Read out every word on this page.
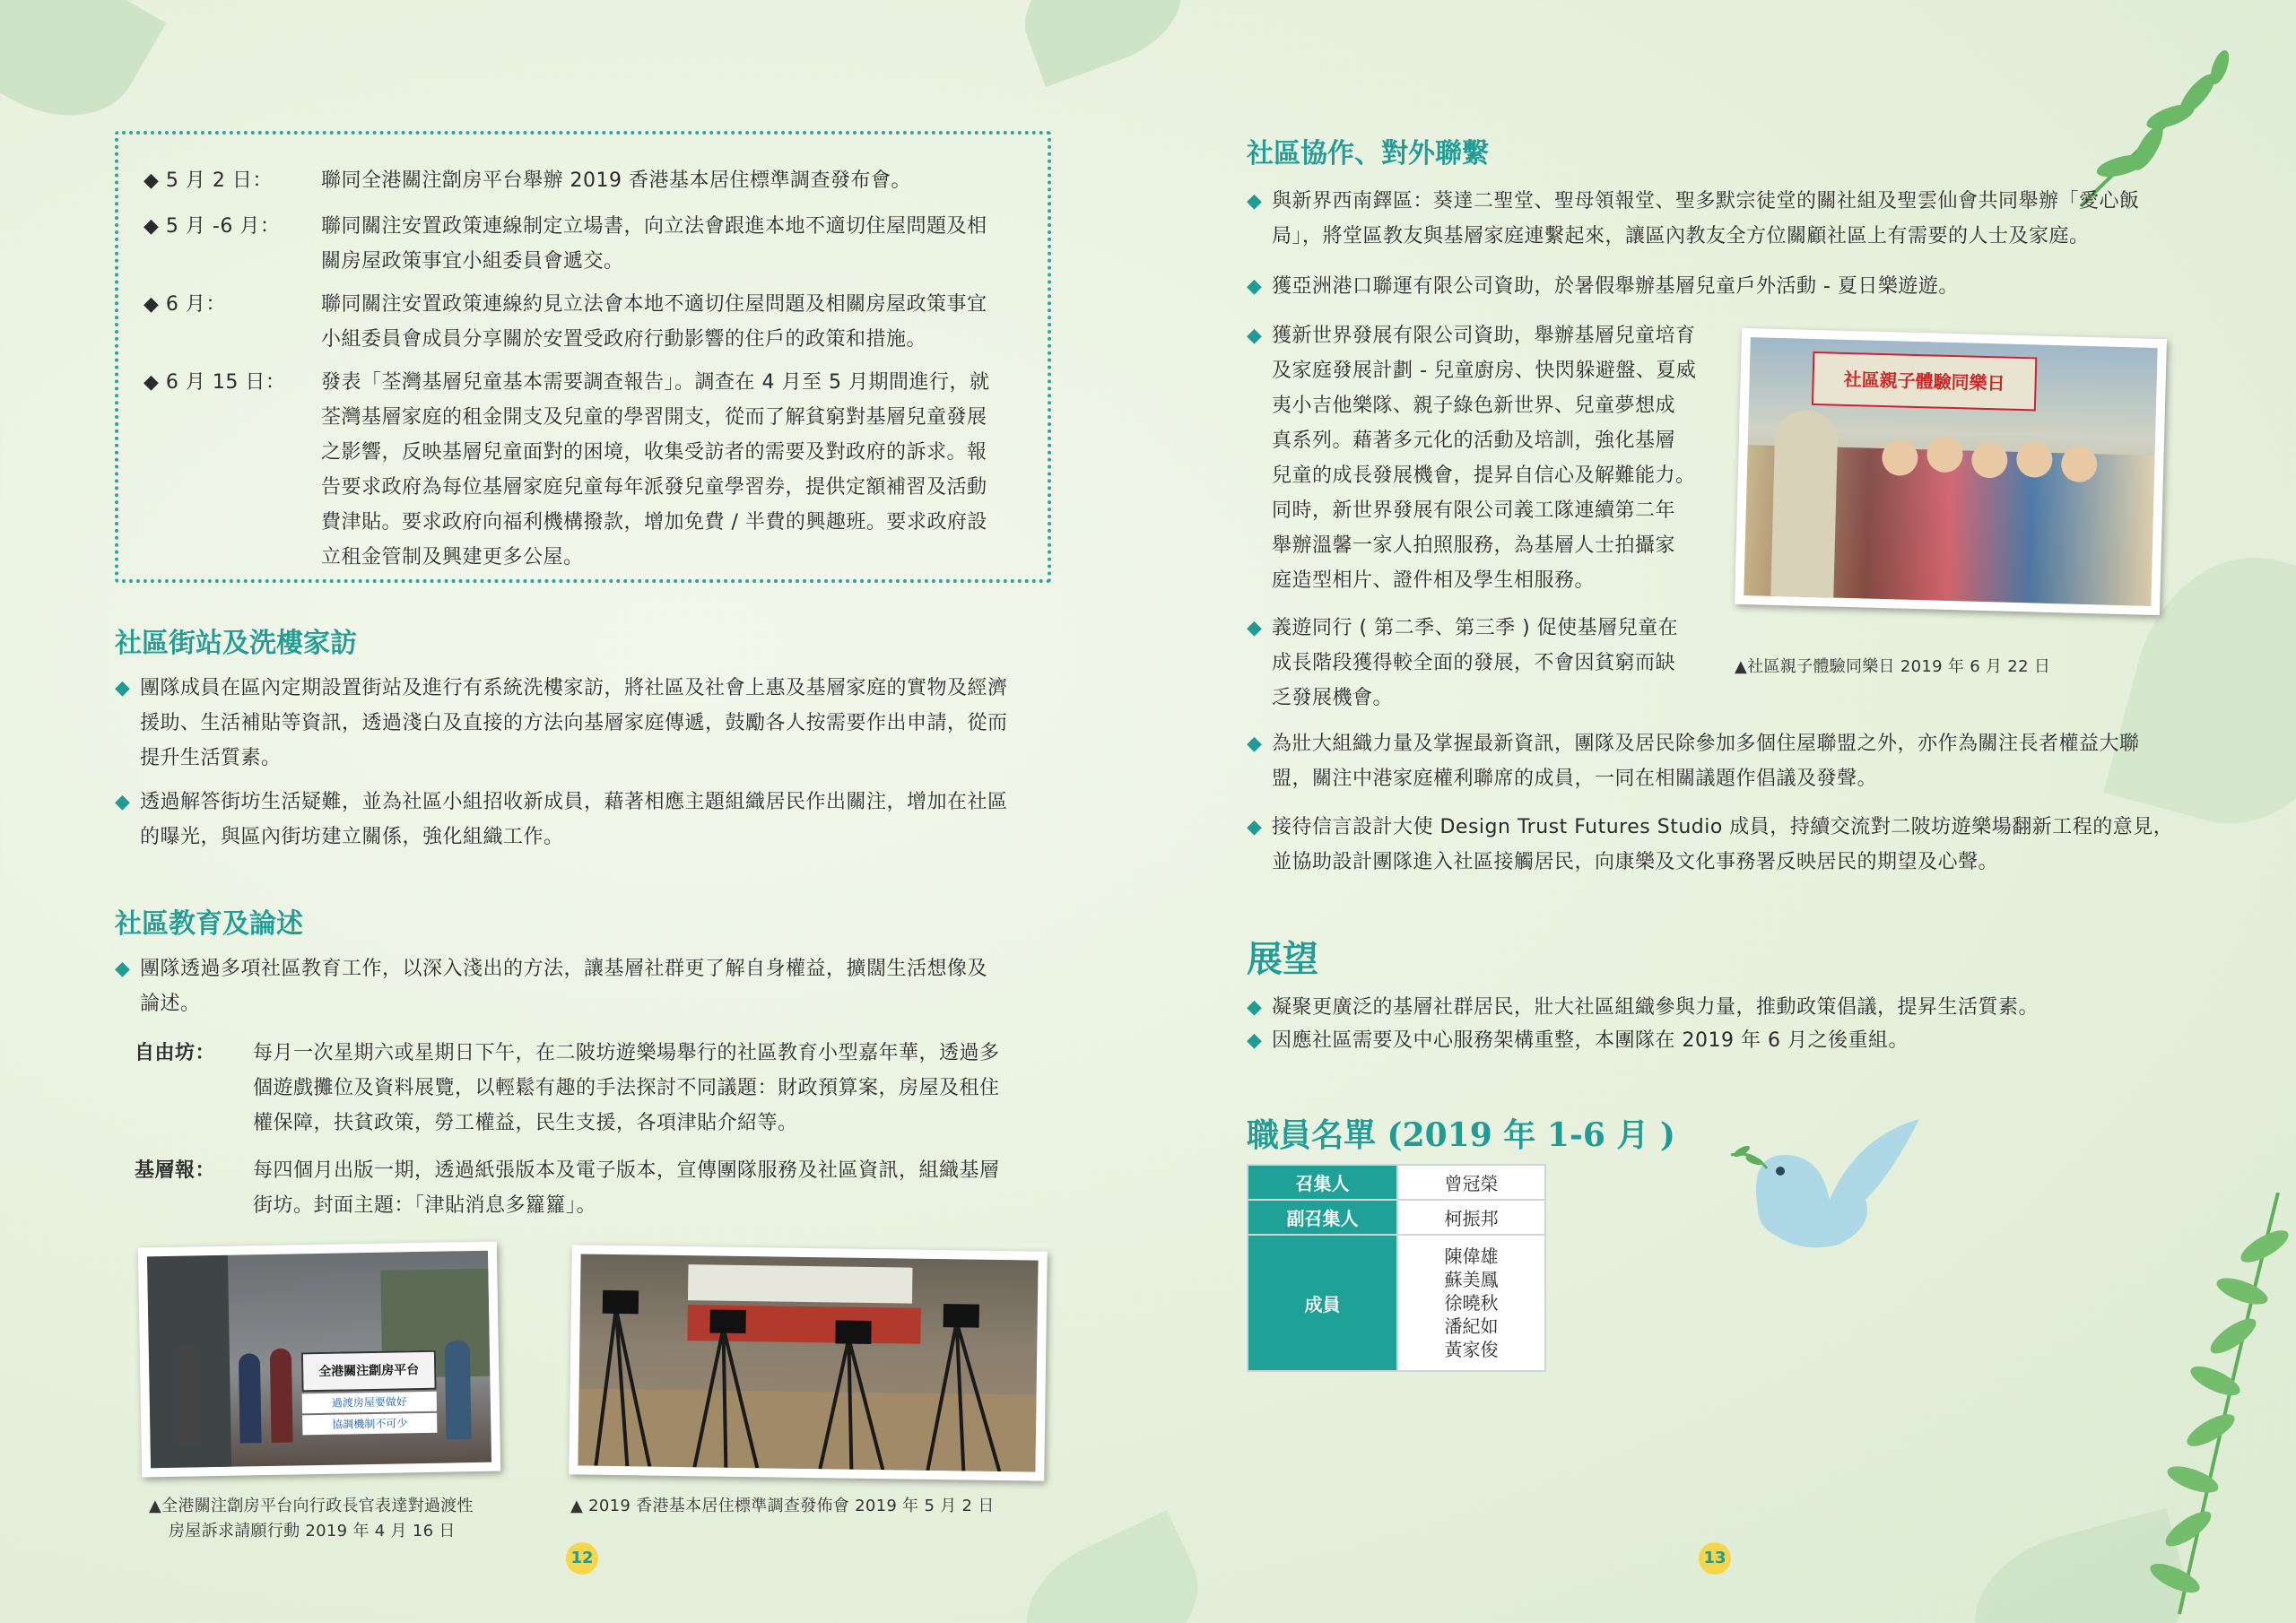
◆ 5 月 2 日：	聯同全港關注劏房平台舉辦 2019 香港基本居住標準調查發布會。
◆ 5 月 -6 月：	聯同關注安置政策連線制定立場書，向立法會跟進本地不適切住屋問題及相
關房屋政策事宜小組委員會遞交。
◆ 6 月：	聯同關注安置政策連線約見立法會本地不適切住屋問題及相關房屋政策事宜
小組委員會成員分享關於安置受政府行動影響的住戶的政策和措施。
◆ 6 月 15 日：	發表「荃灣基層兒童基本需要調查報告」。調查在 4 月至 5 月期間進行，就
荃灣基層家庭的租金開支及兒童的學習開支，從而了解貧窮對基層兒童發展
之影響，反映基層兒童面對的困境，收集受訪者的需要及對政府的訴求。報
告要求政府為每位基層家庭兒童每年派發兒童學習券，提供定額補習及活動
費津貼。要求政府向福利機構撥款，增加免費 / 半費的興趣班。要求政府設
立租金管制及興建更多公屋。
社區街站及洗樓家訪
◆ 團隊成員在區內定期設置街站及進行有系統洗樓家訪，將社區及社會上惠及基層家庭的實物及經濟
援助、生活補貼等資訊，透過淺白及直接的方法向基層家庭傳遞，鼓勵各人按需要作出申請，從而
提升生活質素。
◆ 透過解答街坊生活疑難，並為社區小組招收新成員，藉著相應主題組織居民作出關注，增加在社區
的曝光，與區內街坊建立關係，強化組織工作。
社區教育及論述
◆ 團隊透過多項社區教育工作，以深入淺出的方法，讓基層社群更了解自身權益，擴闊生活想像及
論述。
自由坊： 每月一次星期六或星期日下午，在二陂坊遊樂場舉行的社區教育小型嘉年華，透過多
個遊戲攤位及資料展覽，以輕鬆有趣的手法探討不同議題：財政預算案，房屋及租住
權保障，扶貧政策，勞工權益，民生支援，各項津貼介紹等。
基層報： 每四個月出版一期，透過紙張版本及電子版本，宣傳團隊服務及社區資訊，組織基層
街坊。封面主題：「津貼消息多籮籮」。
全港關注劏房平台
過渡房屋要做好
協調機制不可少
▲全港關注劏房平台向行政長官表達對過渡性
房屋訴求請願行動 2019 年 4 月 16 日
▲ 2019 香港基本居住標準調查發佈會 2019 年 5 月 2 日
12
社區協作、對外聯繫
◆ 與新界西南鐸區：葵達二聖堂、聖母領報堂、聖多默宗徒堂的關社組及聖雲仙會共同舉辦「愛心飯
局」，將堂區教友與基層家庭連繫起來，讓區內教友全方位關顧社區上有需要的人士及家庭。
◆ 獲亞洲港口聯運有限公司資助，於暑假舉辦基層兒童戶外活動 - 夏日樂遊遊。
◆ 獲新世界發展有限公司資助，舉辦基層兒童培育
及家庭發展計劃 - 兒童廚房、快閃躲避盤、夏威
夷小吉他樂隊、親子綠色新世界、兒童夢想成
真系列。藉著多元化的活動及培訓，強化基層
兒童的成長發展機會，提昇自信心及解難能力。
同時，新世界發展有限公司義工隊連續第二年
舉辦溫馨一家人拍照服務，為基層人士拍攝家
庭造型相片、證件相及學生相服務。
◆ 義遊同行 ( 第二季、第三季 ) 促使基層兒童在
成長階段獲得較全面的發展，不會因貧窮而缺
乏發展機會。
社區親子體驗同樂日
▲社區親子體驗同樂日 2019 年 6 月 22 日
◆ 為壯大組織力量及掌握最新資訊，團隊及居民除參加多個住屋聯盟之外，亦作為關注長者權益大聯
盟，關注中港家庭權利聯席的成員，一同在相關議題作倡議及發聲。
◆ 接待信言設計大使 Design Trust Futures Studio 成員，持續交流對二陂坊遊樂場翻新工程的意見，
並協助設計團隊進入社區接觸居民，向康樂及文化事務署反映居民的期望及心聲。
展望
◆ 凝聚更廣泛的基層社群居民，壯大社區組織參與力量，推動政策倡議，提昇生活質素。
◆ 因應社區需要及中心服務架構重整，本團隊在 2019 年 6 月之後重組。
職員名單 (2019 年 1-6 月 )
召集人	曾冠榮
副召集人	柯振邦
成員	陳偉雄
蘇美鳳
徐曉秋
潘紀如
黃家俊
13
